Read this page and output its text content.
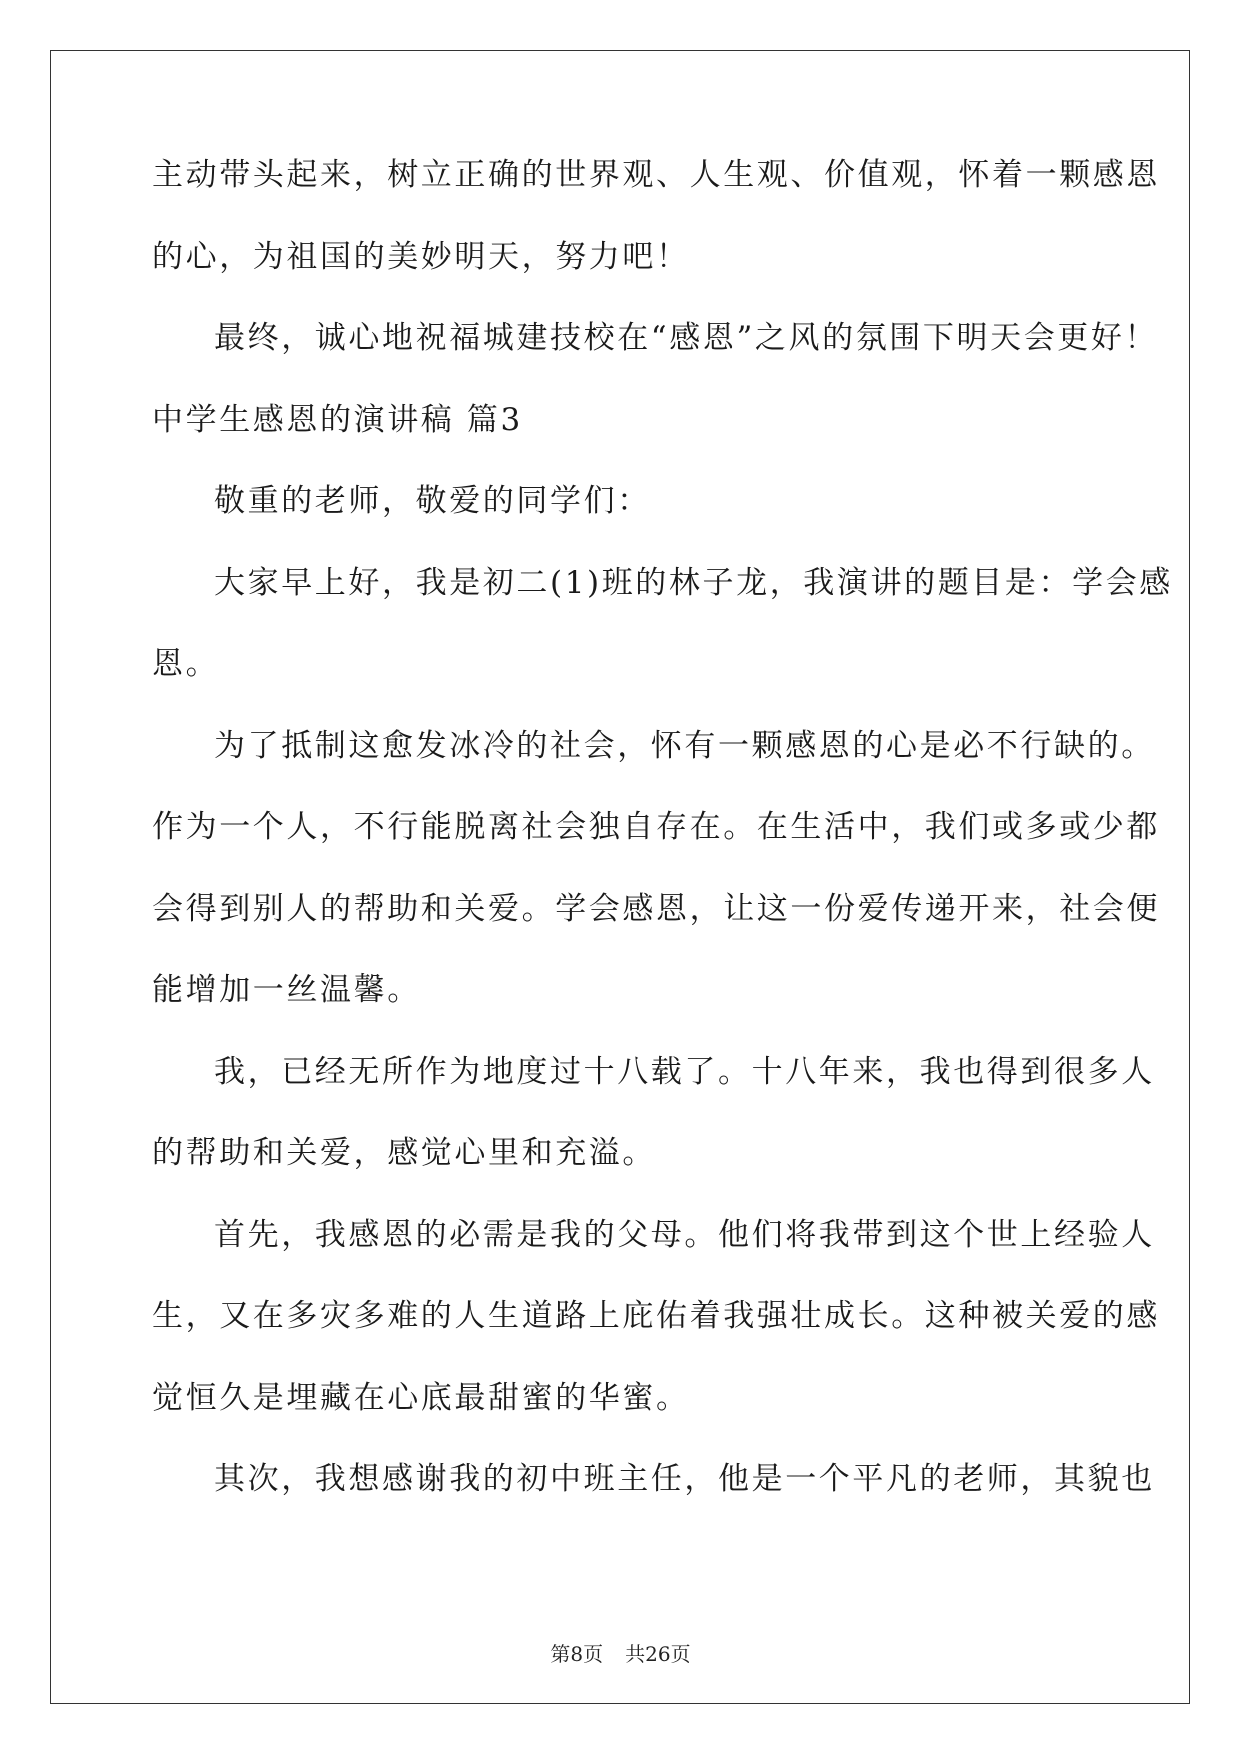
主动带头起来，树立正确的世界观、人生观、价值观，怀着一颗感恩

的心，为祖国的美妙明天，努力吧！

最终，诚心地祝福城建技校在“感恩”之风的氛围下明天会更好！

中学生感恩的演讲稿 篇3

敬重的老师，敬爱的同学们：

大家早上好，我是初二(1)班的林子龙，我演讲的题目是：学会感

恩。

为了抵制这愈发冰冷的社会，怀有一颗感恩的心是必不行缺的。

作为一个人，不行能脱离社会独自存在。在生活中，我们或多或少都

会得到别人的帮助和关爱。学会感恩，让这一份爱传递开来，社会便

能增加一丝温馨。

我，已经无所作为地度过十八载了。十八年来，我也得到很多人

的帮助和关爱，感觉心里和充溢。

首先，我感恩的必需是我的父母。他们将我带到这个世上经验人

生，又在多灾多难的人生道路上庇佑着我强壮成长。这种被关爱的感

觉恒久是埋藏在心底最甜蜜的华蜜。

其次，我想感谢我的初中班主任，他是一个平凡的老师，其貌也

第8页 共26页
